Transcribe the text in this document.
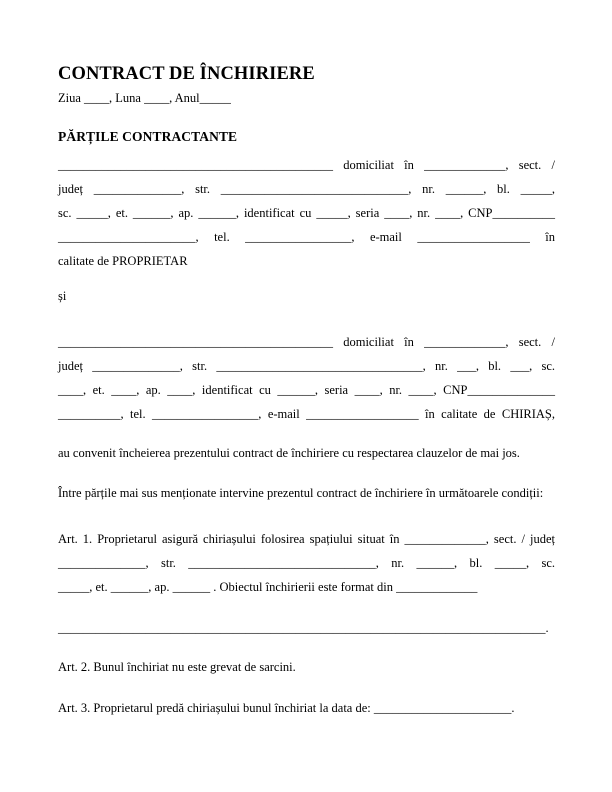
CONTRACT DE ÎNCHIRIERE
Ziua ____, Luna ____, Anul_____
PĂRȚILE CONTRACTANTE
____________________________________________ domiciliat în _____________, sect. /
județ ______________, str. ______________________________, nr. ______, bl. _____,
sc. _____, et. ______, ap. ______, identificat cu _____, seria ____, nr. ____, CNP__________
______________________, tel. _________________, e-mail __________________ în
calitate de PROPRIETAR
și
____________________________________________ domiciliat în _____________, sect. /
județ ______________, str. _________________________________, nr. ___, bl. ___, sc.
____, et. ____, ap. ____, identificat cu ______, seria ____, nr. ____, CNP______________
__________, tel. _________________, e-mail __________________ în calitate de CHIRIAȘ,
au convenit încheierea prezentului contract de închiriere cu respectarea clauzelor de mai jos.
Între părțile mai sus menționate intervine prezentul contract de închiriere în următoarele condiții:
Art. 1. Proprietarul asigură chiriașului folosirea spațiului situat în _____________, sect. / județ
______________, str. ______________________________, nr. ______, bl. _____, sc.
_____, et. ______, ap. ______ . Obiectul închirierii este format din _____________
______________________________________________________________________________.
Art. 2. Bunul închiriat nu este grevat de sarcini.
Art. 3. Proprietarul predă chiriașului bunul închiriat la data de: ______________________.
